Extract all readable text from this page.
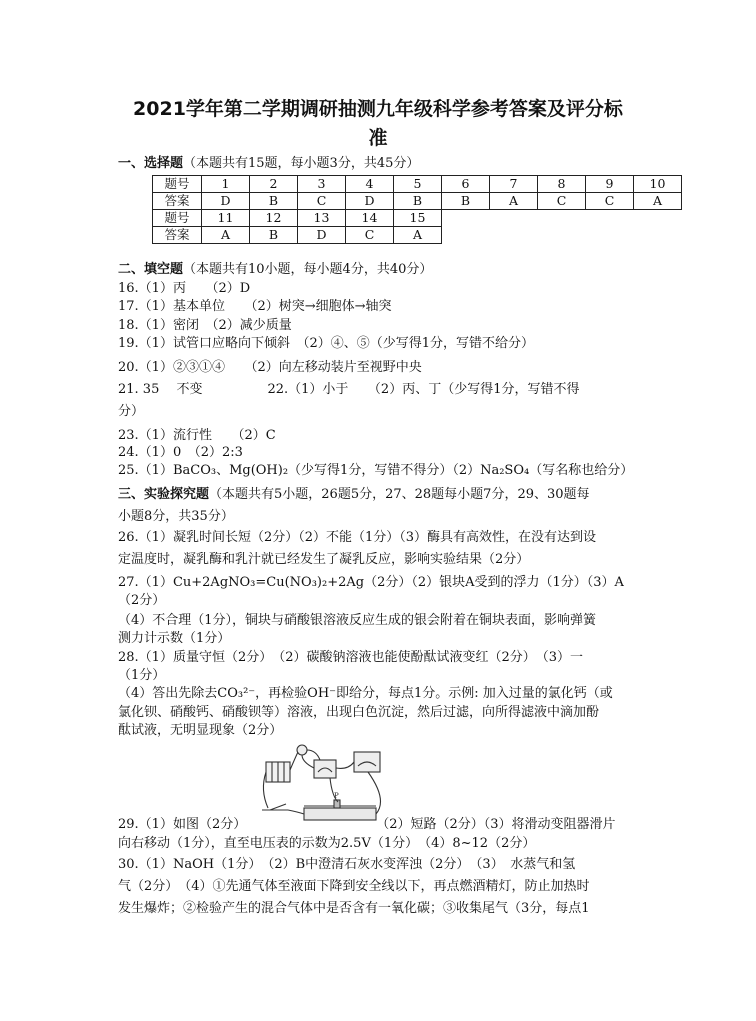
2021学年第二学期调研抽测九年级科学参考答案及评分标
准
一、选择题（本题共有15题，每小题3分，共45分）
题号	1	2	3	4	5	6	7	8	9	10
答案	D	B	C	D	B	B	A	C	C	A
题号	11	12	13	14	15					
答案	A	B	D	C	A					
二、填空题（本题共有10小题，每小题4分，共40分）
16.（1）丙　　（2）D
17.（1）基本单位　　（2）树突→细胞体→轴突
18.（1）密闭　（2）减少质量
19.（1）试管口应略向下倾斜　（2）④、⑤（少写得1分，写错不给分）
20.（1）②③①④　　（2）向左移动装片至视野中央
21. 35　 不变　　　　　22.（1）小于　　（2）丙、丁（少写得1分，写错不得
分）
23.（1）流行性　　（2）C
24.（1）0　（2）2:3
25.（1）BaCO₃、Mg(OH)₂（少写得1分，写错不得分）（2）Na₂SO₄（写名称也给分）
三、实验探究题（本题共有5小题，26题5分，27、28题每小题7分，29、30题每
小题8分，共35分）
26.（1）凝乳时间长短（2分）（2）不能（1分）（3）酶具有高效性，在没有达到设
定温度时，凝乳酶和乳汁就已经发生了凝乳反应，影响实验结果（2分）
27.（1）Cu+2AgNO₃=Cu(NO₃)₂+2Ag（2分）（2）银块A受到的浮力（1分）（3）A
（2分）
（4）不合理（1分），铜块与硝酸银溶液反应生成的银会附着在铜块表面，影响弹簧
测力计示数（1分）
28.（1）质量守恒（2分）　（2）碳酸钠溶液也能使酚酞试液变红（2分）　（3）一
（1分）
（4）答出先除去CO₃²⁻，再检验OH⁻即给分，每点1分。示例: 加入过量的氯化钙（或
氯化钡、硝酸钙、硝酸钡等）溶液，出现白色沉淀，然后过滤，向所得滤液中滴加酚
酞试液，无明显现象（2分）
P
29.（1）如图（2分）　　　　　　　　　　　（2）短路（2分）（3）将滑动变阻器滑片
向右移动（1分），直至电压表的示数为2.5V（1分）　（4）8~12（2分）
30.（1）NaOH（1分）　（2）B中澄清石灰水变浑浊（2分）　（3）　水蒸气和氢
气（2分）　（4）①先通气体至液面下降到安全线以下，再点燃酒精灯，防止加热时
发生爆炸；②检验产生的混合气体中是否含有一氧化碳；③收集尾气（3分，每点1
